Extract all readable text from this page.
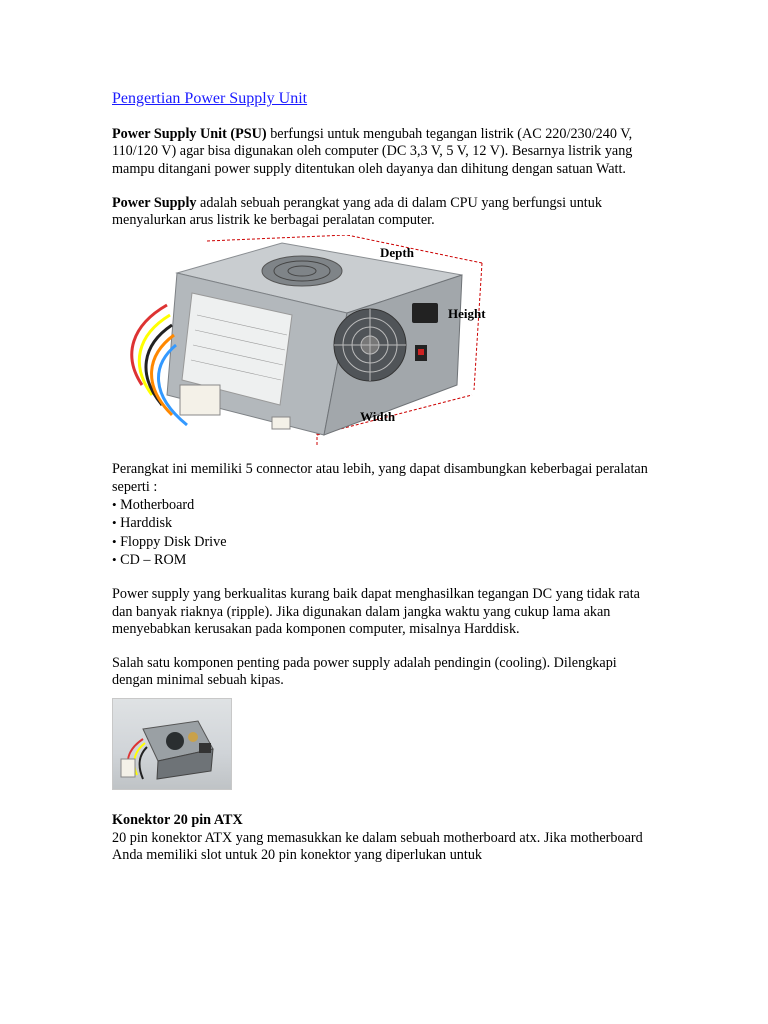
Pengertian Power Supply Unit

Power Supply Unit (PSU) berfungsi untuk mengubah tegangan listrik (AC 220/230/240 V, 110/120 V) agar bisa digunakan oleh computer (DC 3,3 V, 5 V, 12 V). Besarnya listrik yang mampu ditangani power supply ditentukan oleh dayanya dan dihitung dengan satuan Watt.

Power Supply adalah sebuah perangkat yang ada di dalam CPU yang berfungsi untuk menyalurkan arus listrik ke berbagai peralatan computer.

Depth
Height
Width

Perangkat ini memiliki 5 connector atau lebih, yang dapat disambungkan keberbagai peralatan seperti :

• Motherboard
• Harddisk
• Floppy Disk Drive
• CD – ROM

Power supply yang berkualitas kurang baik dapat menghasilkan tegangan DC yang tidak rata dan banyak riaknya (ripple). Jika digunakan dalam jangka waktu yang cukup lama akan menyebabkan kerusakan pada komponen computer, misalnya Harddisk.

Salah satu komponen penting pada power supply adalah pendingin (cooling). Dilengkapi dengan minimal sebuah kipas.

Konektor 20 pin ATX

20 pin konektor ATX yang memasukkan ke dalam sebuah motherboard atx. Jika motherboard Anda memiliki slot untuk 20 pin konektor yang diperlukan untuk
